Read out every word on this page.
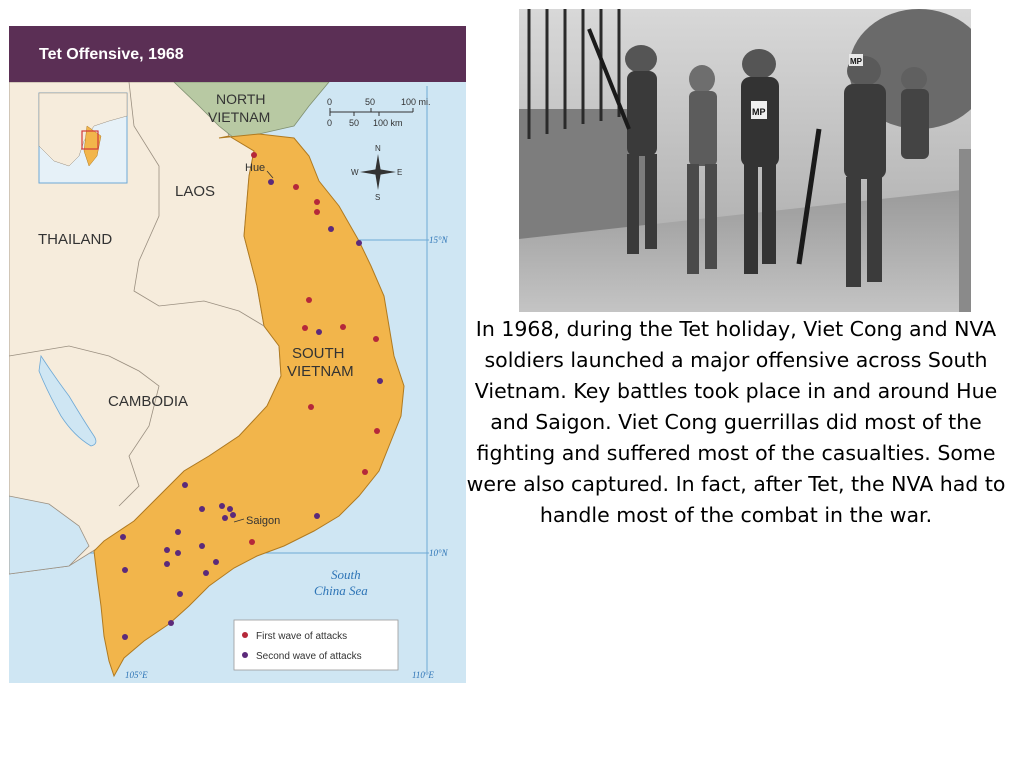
Tet Offensive, 1968
NORTH
VIETNAM
LAOS
THAILAND
CAMBODIA
SOUTH
VIETNAM
South
China Sea
Hue
Saigon
15°N
10°N
105°E	110°E
0	50	100 mi.
0 50 100 km
N
S
E
W
First wave of attacks
Second wave of attacks
MP
MP

In 1968, during the Tet holiday, Viet Cong and NVA soldiers launched a major offensive across South Vietnam. Key battles took place in and around Hue and Saigon. Viet Cong guerrillas did most of the fighting and suffered most of the casualties. Some were also captured. In fact, after Tet, the NVA had to handle most of the combat in the war.
